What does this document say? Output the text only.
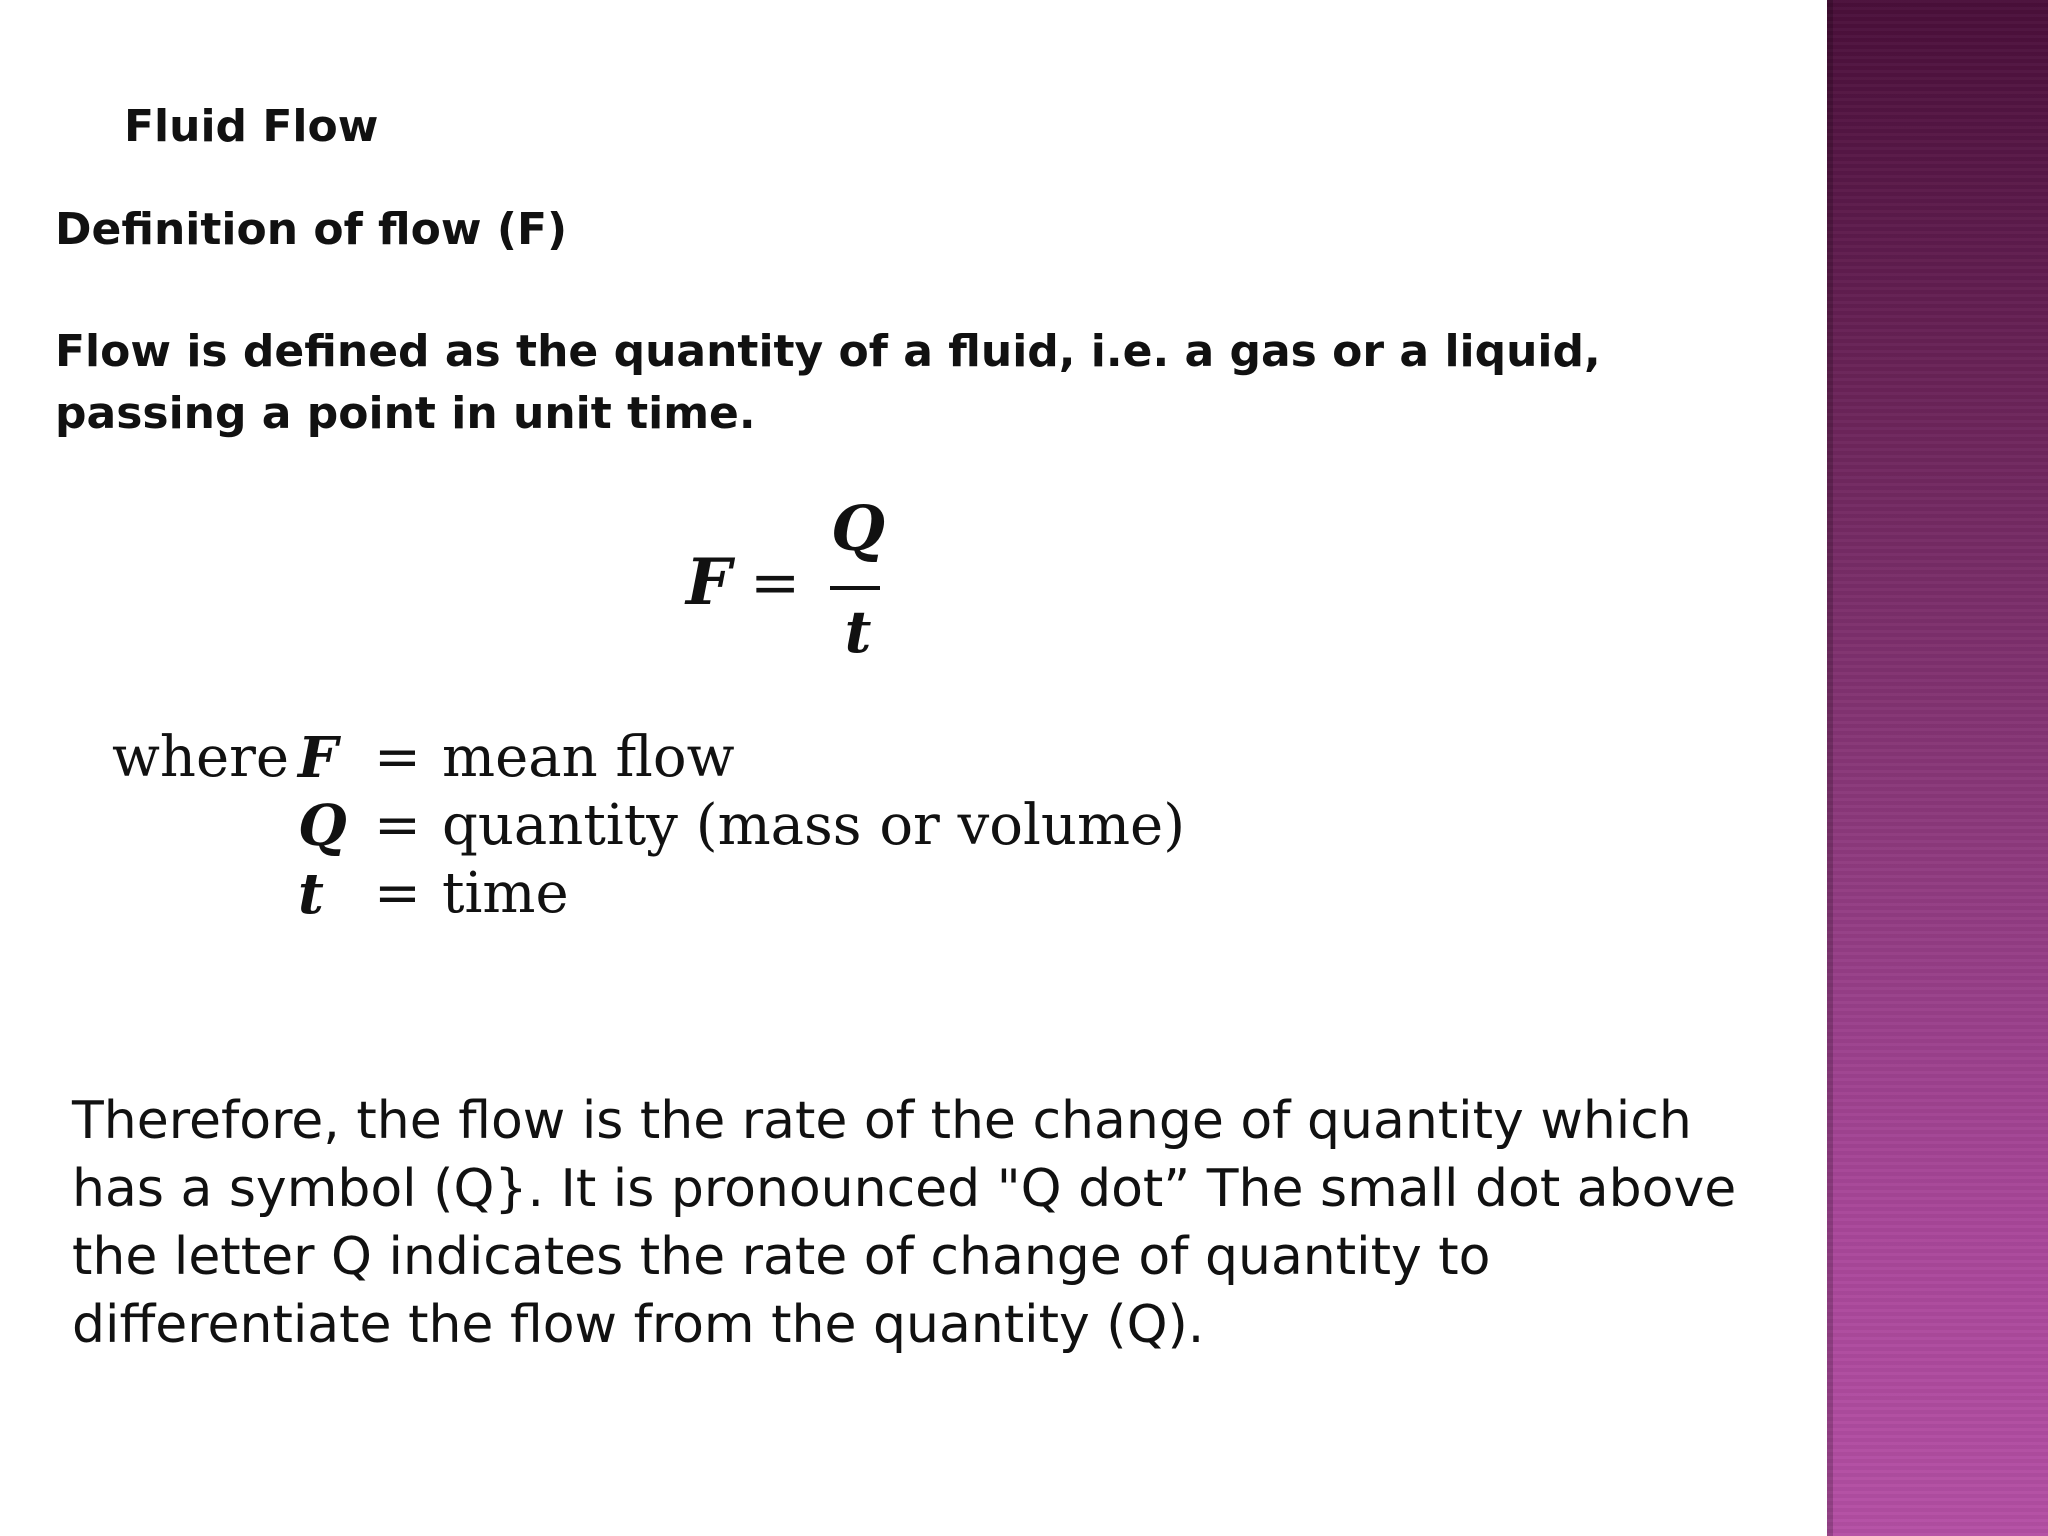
Fluid Flow
Definition of flow (F)

Flow is defined as the quantity of a fluid, i.e. a gas or a liquid,
passing a point in unit time.

F =
Q
t
where F = mean flow
Q = quantity (mass or volume)
t = time

Therefore, the flow is the rate of the change of quantity which
has a symbol (Q}. It is pronounced "Q dot” The small dot above
the letter Q indicates the rate of change of quantity to
differentiate the flow from the quantity (Q).
